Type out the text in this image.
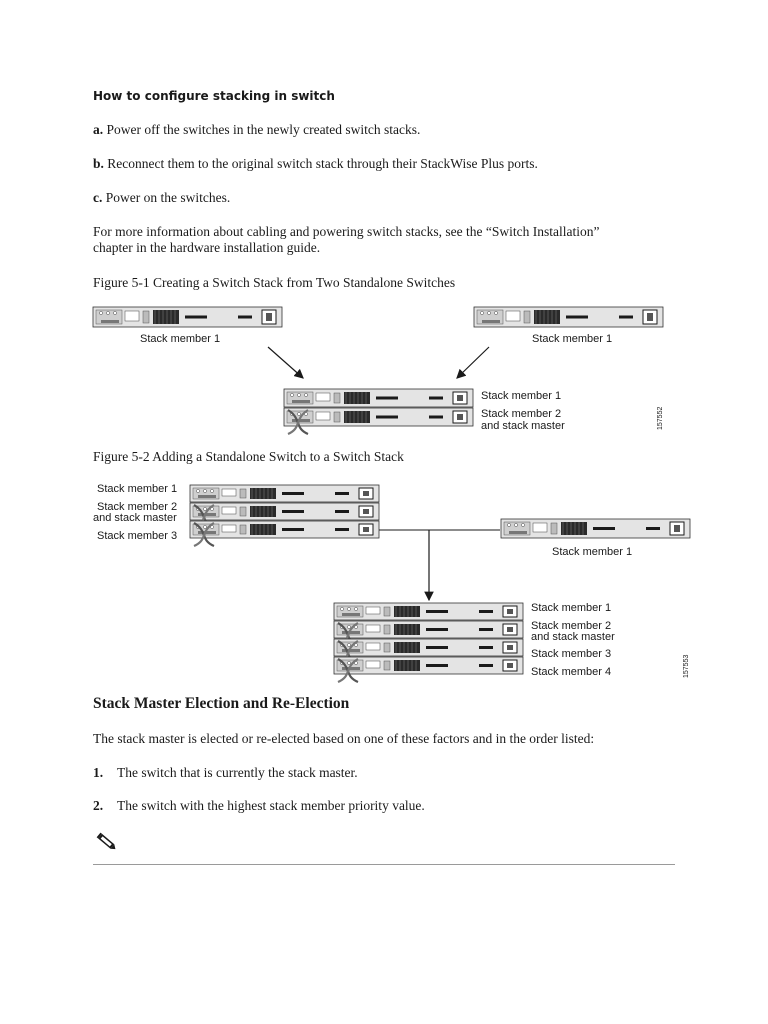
How to configure stacking in switch
a. Power off the switches in the newly created switch stacks.
b. Reconnect them to the original switch stack through their StackWise Plus ports.
c. Power on the switches.
For more information about cabling and powering switch stacks, see the “Switch Installation”
chapter in the hardware installation guide.
Figure 5-1 Creating a Switch Stack from Two Standalone Switches
Stack member 1	Stack member 1
Stack member 1
Stack member 2
and stack master	157552
Figure 5-2 Adding a Standalone Switch to a Switch Stack
Stack member 1
Stack member 2
and stack master
Stack member 3
Stack member 1
Stack member 1
Stack member 2
and stack master
Stack member 3
Stack member 4	157553
Stack Master Election and Re-Election
The stack master is elected or re-elected based on one of these factors and in the order listed:
1. The switch that is currently the stack master.
2. The switch with the highest stack member priority value.
